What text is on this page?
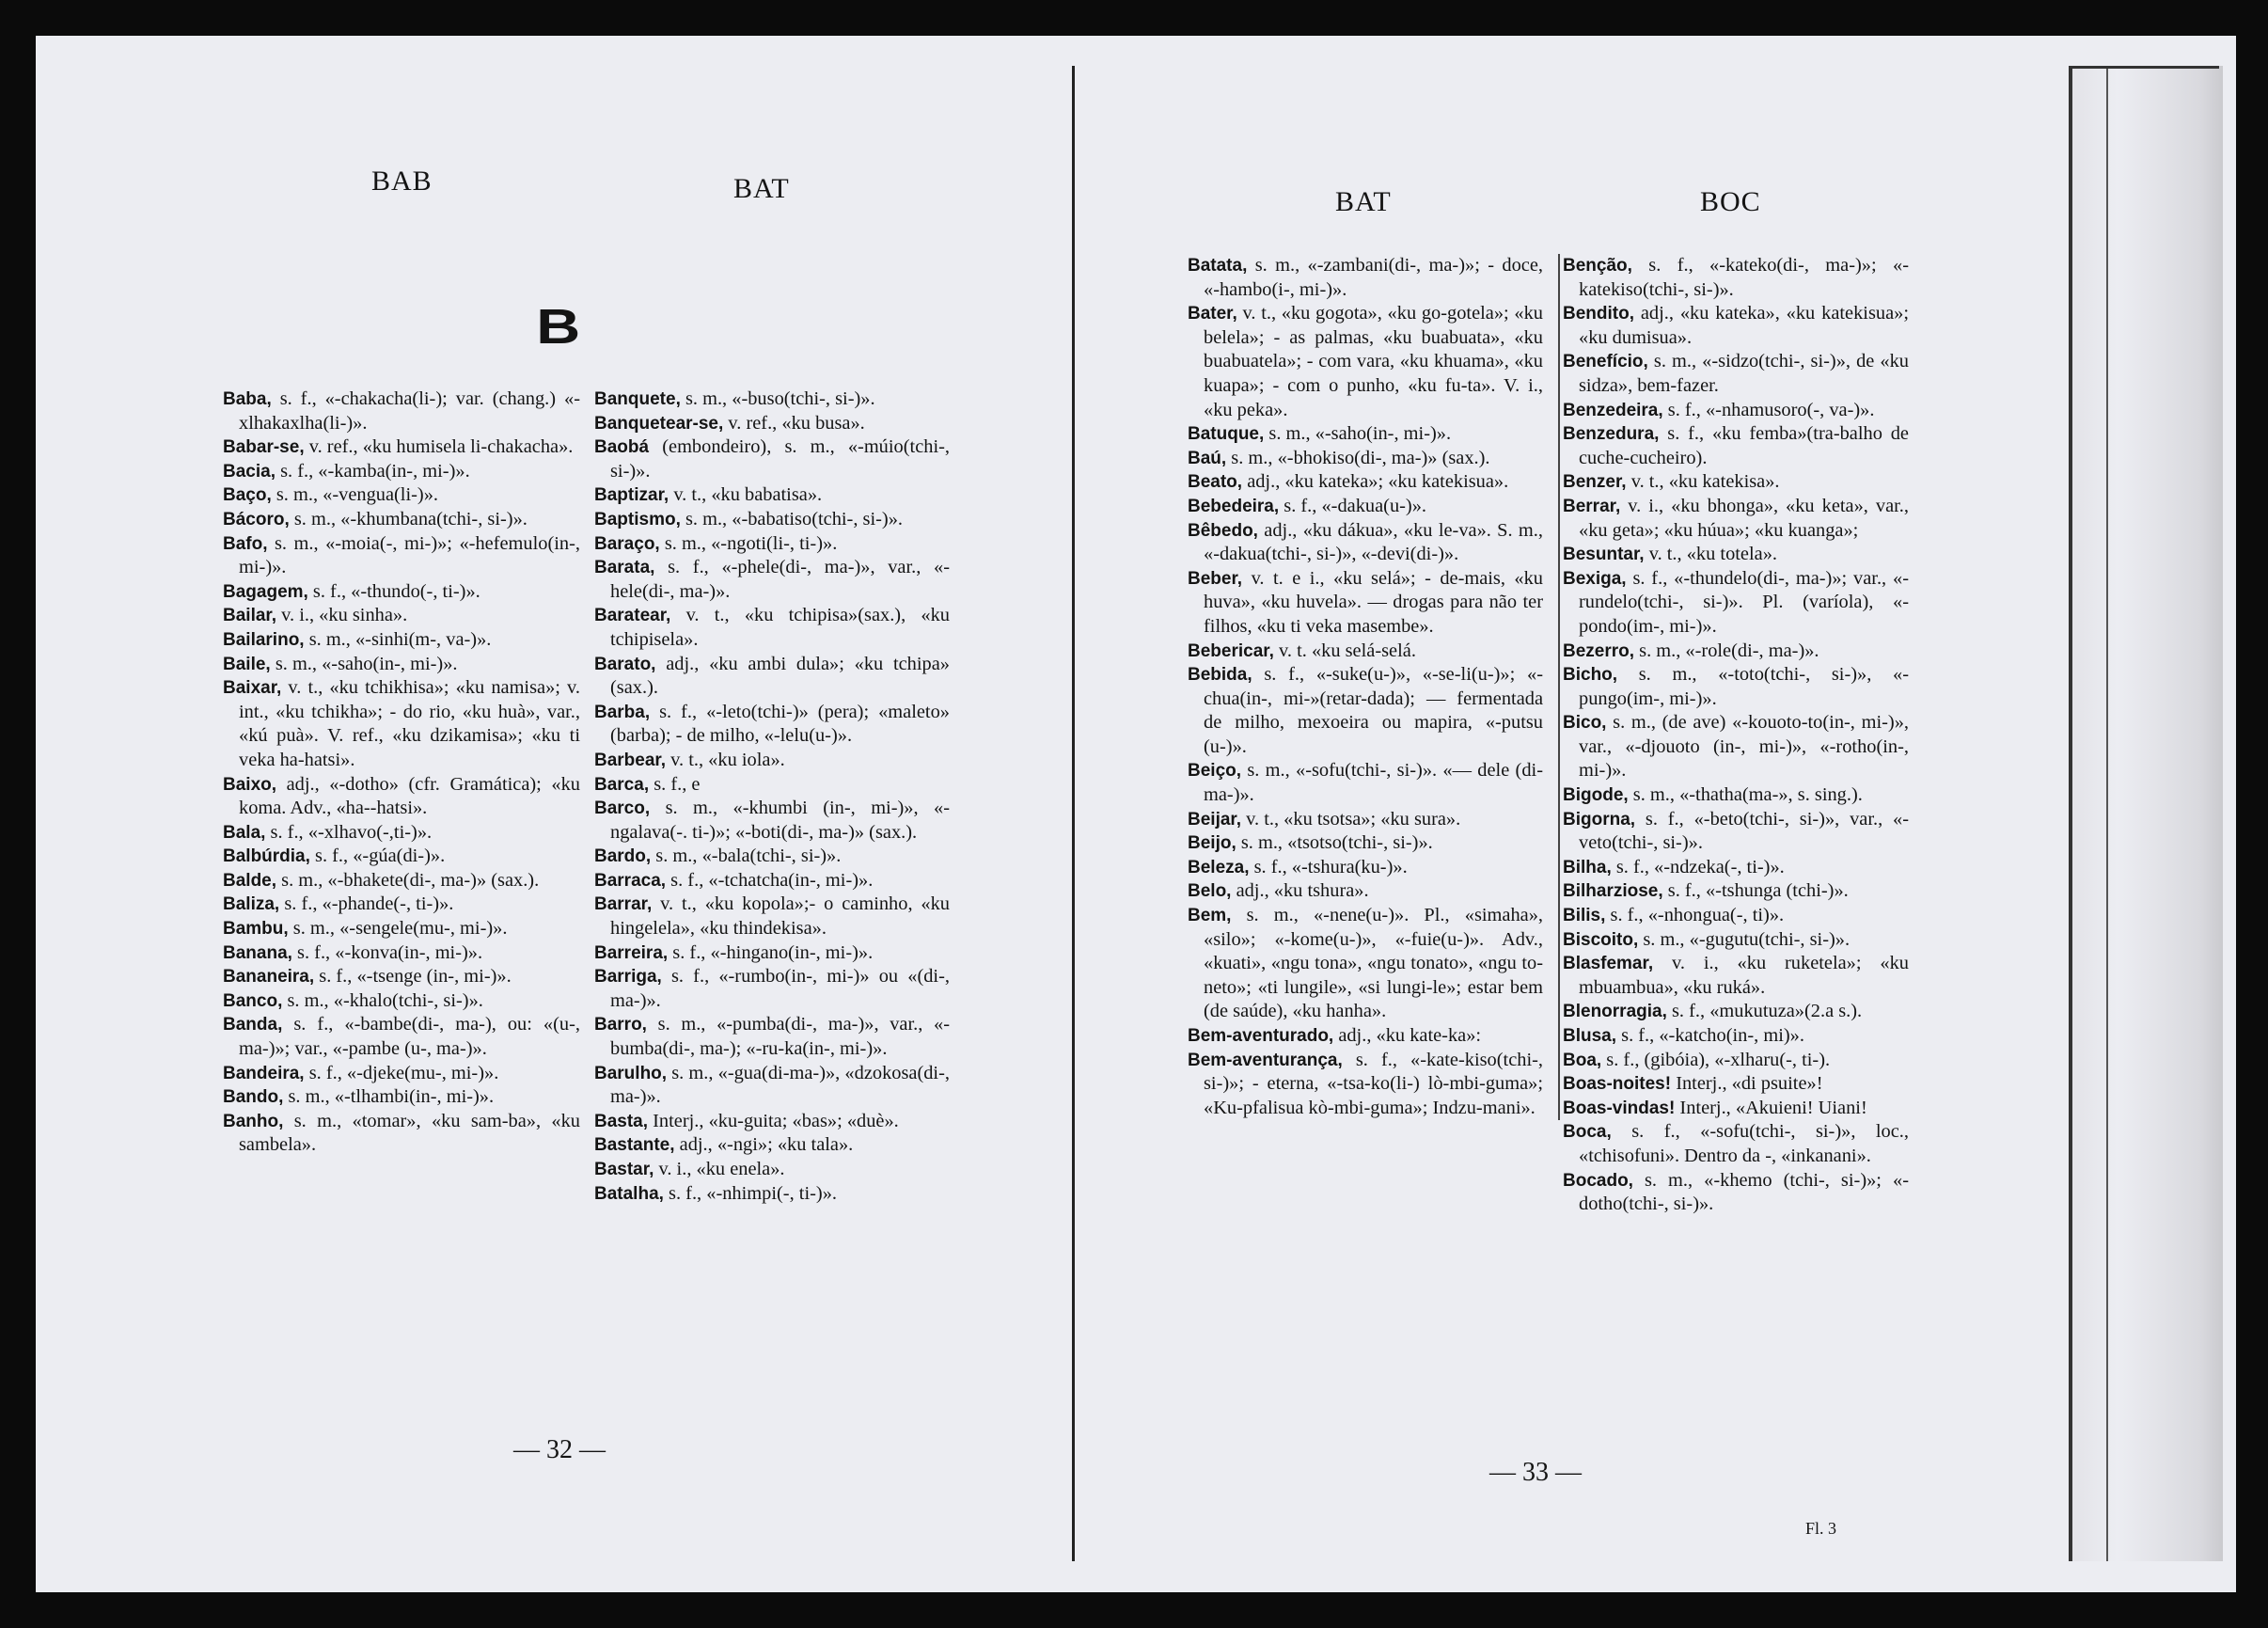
BAB	BAT
B
Baba, s. f., «-chakacha(li-); var. (chang.) «-xlhakaxlha(li-)».
Babar-se, v. ref., «ku humisela li-chakacha».
Bacia, s. f., «-kamba(in-, mi-)».
Baço, s. m., «-vengua(li-)».
Bácoro, s. m., «-khumbana(tchi-, si-)».
Bafo, s. m., «-moia(-, mi-)»; «-hefemulo(in-, mi-)».
Bagagem, s. f., «-thundo(-, ti-)».
Bailar, v. i., «ku sinha».
Bailarino, s. m., «-sinhi(m-, va-)».
Baile, s. m., «-saho(in-, mi-)».
Baixar, v. t., «ku tchikhisa»; «ku namisa»; v. int., «ku tchikha»; - do rio, «ku huà», var., «kú puà». V. ref., «ku dzikamisa»; «ku ti veka ha-hatsi».
Baixo, adj., «-dotho» (cfr. Gramática); «ku koma. Adv., «ha--hatsi».
Bala, s. f., «-xlhavo(-,ti-)».
Balbúrdia, s. f., «-gúa(di-)».
Balde, s. m., «-bhakete(di-, ma-)» (sax.).
Baliza, s. f., «-phande(-, ti-)».
Bambu, s. m., «-sengele(mu-, mi-)».
Banana, s. f., «-konva(in-, mi-)».
Bananeira, s. f., «-tsenge (in-, mi-)».
Banco, s. m., «-khalo(tchi-, si-)».
Banda, s. f., «-bambe(di-, ma-), ou: «(u-, ma-)»; var., «-pambe (u-, ma-)».
Bandeira, s. f., «-djeke(mu-, mi-)».
Bando, s. m., «-tlhambi(in-, mi-)».
Banho, s. m., «tomar», «ku sam-ba», «ku sambela».
Banquete, s. m., «-buso(tchi-, si-)».
Banquetear-se, v. ref., «ku busa».
Baobá (embondeiro), s. m., «-múio(tchi-, si-)».
Baptizar, v. t., «ku babatisa».
Baptismo, s. m., «-babatiso(tchi-, si-)».
Baraço, s. m., «-ngoti(li-, ti-)».
Barata, s. f., «-phele(di-, ma-)», var., «-hele(di-, ma-)».
Baratear, v. t., «ku tchipisa»(sax.), «ku tchipisela».
Barato, adj., «ku ambi dula»; «ku tchipa» (sax.).
Barba, s. f., «-leto(tchi-)» (pera); «maleto» (barba); - de milho, «-lelu(u-)».
Barbear, v. t., «ku iola».
Barca, s. f., e
Barco, s. m., «-khumbi (in-, mi-)», «-ngalava(-. ti-)»; «-boti(di-, ma-)» (sax.).
Bardo, s. m., «-bala(tchi-, si-)».
Barraca, s. f., «-tchatcha(in-, mi-)».
Barrar, v. t., «ku kopola»;- o caminho, «ku hingelela», «ku thindekisa».
Barreira, s. f., «-hingano(in-, mi-)».
Barriga, s. f., «-rumbo(in-, mi-)» ou «(di-, ma-)».
Barro, s. m., «-pumba(di-, ma-)», var., «-bumba(di-, ma-); «-ru-ka(in-, mi-)».
Barulho, s. m., «-gua(di-ma-)», «dzokosa(di-, ma-)».
Basta, Interj., «ku-guita; «bas»; «duè».
Bastante, adj., «-ngi»; «ku tala».
Bastar, v. i., «ku enela».
Batalha, s. f., «-nhimpi(-, ti-)».
— 32 —
BAT	BOC
Batata, s. m., «-zambani(di-, ma-)»; - doce, «-hambo(i-, mi-)».
Bater, v. t., «ku gogota», «ku go-gotela»; «ku belela»; - as palmas, «ku buabuata», «ku buabuatela»; - com vara, «ku khuama», «ku kuapa»; - com o punho, «ku fu-ta». V. i., «ku peka».
Batuque, s. m., «-saho(in-, mi-)».
Baú, s. m., «-bhokiso(di-, ma-)» (sax.).
Beato, adj., «ku kateka»; «ku katekisua».
Bebedeira, s. f., «-dakua(u-)».
Bêbedo, adj., «ku dákua», «ku le-va». S. m., «-dakua(tchi-, si-)», «-devi(di-)».
Beber, v. t. e i., «ku selá»; - de-mais, «ku huva», «ku huvela». — drogas para não ter filhos, «ku ti veka masembe».
Bebericar, v. t. «ku selá-selá.
Bebida, s. f., «-suke(u-)», «-se-li(u-)»; «-chua(in-, mi-»(retar-dada); — fermentada de milho, mexoeira ou mapira, «-putsu (u-)».
Beiço, s. m., «-sofu(tchi-, si-)». «— dele (di-ma-)».
Beijar, v. t., «ku tsotsa»; «ku sura».
Beijo, s. m., «tsotso(tchi-, si-)».
Beleza, s. f., «-tshura(ku-)».
Belo, adj., «ku tshura».
Bem, s. m., «-nene(u-)». Pl., «simaha», «silo»; «-kome(u-)», «-fuie(u-)». Adv., «kuati», «ngu tona», «ngu tonato», «ngu to-neto»; «ti lungile», «si lungi-le»; estar bem (de saúde), «ku hanha».
Bem-aventurado, adj., «ku kate-ka»:
Bem-aventurança, s. f., «-kate-kiso(tchi-, si-)»; - eterna, «-tsa-ko(li-) lò-mbi-guma»; «Ku-pfalisua kò-mbi-guma»; Indzu-mani».
Benção, s. f., «-kateko(di-, ma-)»; «-katekiso(tchi-, si-)».
Bendito, adj., «ku kateka», «ku katekisua»; «ku dumisua».
Benefício, s. m., «-sidzo(tchi-, si-)», de «ku sidza», bem-fazer.
Benzedeira, s. f., «-nhamusoro(-, va-)».
Benzedura, s. f., «ku femba»(tra-balho de cuche-cucheiro).
Benzer, v. t., «ku katekisa».
Berrar, v. i., «ku bhonga», «ku keta», var., «ku geta»; «ku húua»; «ku kuanga»;
Besuntar, v. t., «ku totela».
Bexiga, s. f., «-thundelo(di-, ma-)»; var., «-rundelo(tchi-, si-)». Pl. (varíola), «-pondo(im-, mi-)».
Bezerro, s. m., «-role(di-, ma-)».
Bicho, s. m., «-toto(tchi-, si-)», «-pungo(im-, mi-)».
Bico, s. m., (de ave) «-kouoto-to(in-, mi-)», var., «-djouoto (in-, mi-)», «-rotho(in-, mi-)».
Bigode, s. m., «-thatha(ma-», s. sing.).
Bigorna, s. f., «-beto(tchi-, si-)», var., «-veto(tchi-, si-)».
Bilha, s. f., «-ndzeka(-, ti-)».
Bilharziose, s. f., «-tshunga (tchi-)».
Bilis, s. f., «-nhongua(-, ti)».
Biscoito, s. m., «-gugutu(tchi-, si-)».
Blasfemar, v. i., «ku ruketela»; «ku mbuambua», «ku ruká».
Blenorragia, s. f., «mukutuza»(2.a s.).
Blusa, s. f., «-katcho(in-, mi)».
Boa, s. f., (gibóia), «-xlharu(-, ti-).
Boas-noites! Interj., «di psuite»!
Boas-vindas! Interj., «Akuieni! Uiani!
Boca, s. f., «-sofu(tchi-, si-)», loc., «tchisofuni». Dentro da -, «inkanani».
Bocado, s. m., «-khemo (tchi-, si-)»; «-dotho(tchi-, si-)».
— 33 —
Fl. 3
